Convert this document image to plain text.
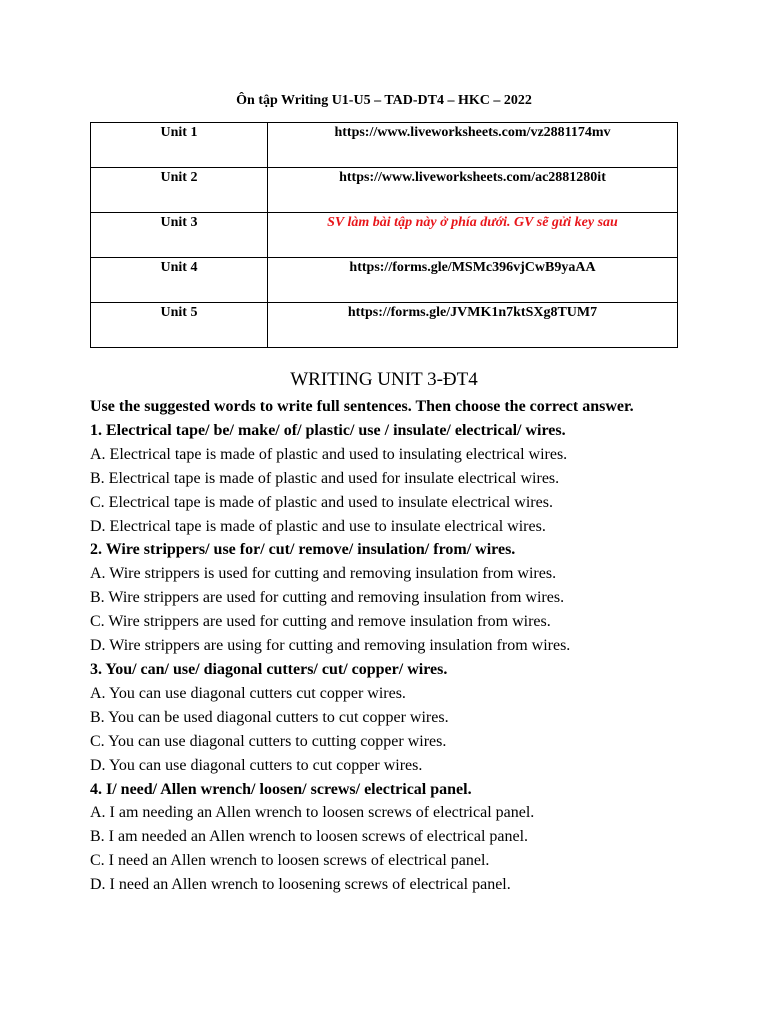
Ôn tập Writing U1-U5 – TAD-DT4 – HKC – 2022
Unit 1	https://www.liveworksheets.com/vz2881174mv
Unit 2	https://www.liveworksheets.com/ac2881280it
Unit 3	SV làm bài tập này ở phía dưới. GV sẽ gửi key sau
Unit 4	https://forms.gle/MSMc396vjCwB9yaAA
Unit 5	https://forms.gle/JVMK1n7ktSXg8TUM7
WRITING UNIT 3-ĐT4

Use the suggested words to write full sentences. Then choose the correct answer.

1. Electrical tape/ be/ make/ of/ plastic/ use / insulate/ electrical/ wires.

A. Electrical tape is made of plastic and used to insulating electrical wires.

B. Electrical tape is made of plastic and used for insulate electrical wires.

C. Electrical tape is made of plastic and used to insulate electrical wires.

D. Electrical tape is made of plastic and use to insulate electrical wires.

2. Wire strippers/ use for/ cut/ remove/ insulation/ from/ wires.

A. Wire strippers is used for cutting and removing insulation from wires.

B. Wire strippers are used for cutting and removing insulation from wires.

C. Wire strippers are used for cutting and remove insulation from wires.

D. Wire strippers are using for cutting and removing insulation from wires.

3. You/ can/ use/ diagonal cutters/ cut/ copper/ wires.

A. You can use diagonal cutters cut copper wires.

B. You can be used diagonal cutters to cut copper wires.

C. You can use diagonal cutters to cutting copper wires.

D. You can use diagonal cutters to cut copper wires.

4. I/ need/ Allen wrench/ loosen/ screws/ electrical panel.

A. I am needing an Allen wrench to loosen screws of electrical panel.

B. I am needed an Allen wrench to loosen screws of electrical panel.

C. I need an Allen wrench to loosen screws of electrical panel.

D. I need an Allen wrench to loosening screws of electrical panel.
